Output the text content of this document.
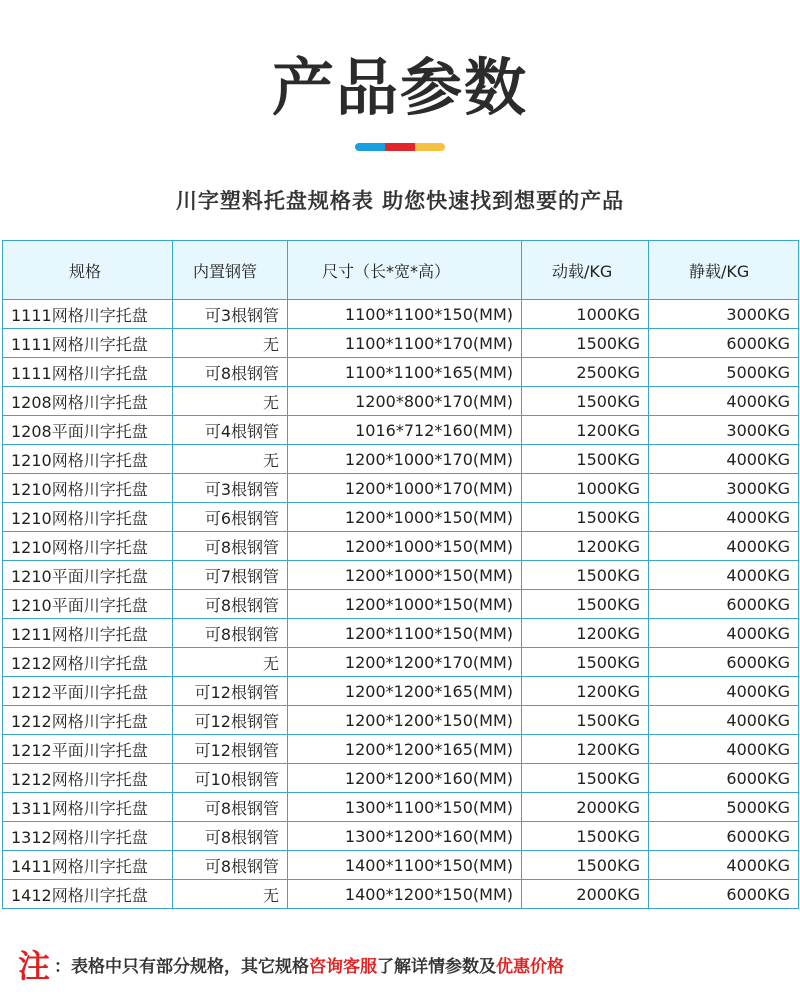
产品参数
川字塑料托盘规格表 助您快速找到想要的产品
规格	内置钢管	尺寸（长*宽*高）	动载/KG	静载/KG
1111网格川字托盘	可3根钢管	1100*1100*150(MM)	1000KG	3000KG
1111网格川字托盘	无	1100*1100*170(MM)	1500KG	6000KG
1111网格川字托盘	可8根钢管	1100*1100*165(MM)	2500KG	5000KG
1208网格川字托盘	无	1200*800*170(MM)	1500KG	4000KG
1208平面川字托盘	可4根钢管	1016*712*160(MM)	1200KG	3000KG
1210网格川字托盘	无	1200*1000*170(MM)	1500KG	4000KG
1210网格川字托盘	可3根钢管	1200*1000*170(MM)	1000KG	3000KG
1210网格川字托盘	可6根钢管	1200*1000*150(MM)	1500KG	4000KG
1210网格川字托盘	可8根钢管	1200*1000*150(MM)	1200KG	4000KG
1210平面川字托盘	可7根钢管	1200*1000*150(MM)	1500KG	4000KG
1210平面川字托盘	可8根钢管	1200*1000*150(MM)	1500KG	6000KG
1211网格川字托盘	可8根钢管	1200*1100*150(MM)	1200KG	4000KG
1212网格川字托盘	无	1200*1200*170(MM)	1500KG	6000KG
1212平面川字托盘	可12根钢管	1200*1200*165(MM)	1200KG	4000KG
1212网格川字托盘	可12根钢管	1200*1200*150(MM)	1500KG	4000KG
1212平面川字托盘	可12根钢管	1200*1200*165(MM)	1200KG	4000KG
1212网格川字托盘	可10根钢管	1200*1200*160(MM)	1500KG	6000KG
1311网格川字托盘	可8根钢管	1300*1100*150(MM)	2000KG	5000KG
1312网格川字托盘	可8根钢管	1300*1200*160(MM)	1500KG	6000KG
1411网格川字托盘	可8根钢管	1400*1100*150(MM)	1500KG	4000KG
1412网格川字托盘	无	1400*1200*150(MM)	2000KG	6000KG
注 ：表格中只有部分规格，其它规格 咨询客服 了解详情参数及 优惠价格
